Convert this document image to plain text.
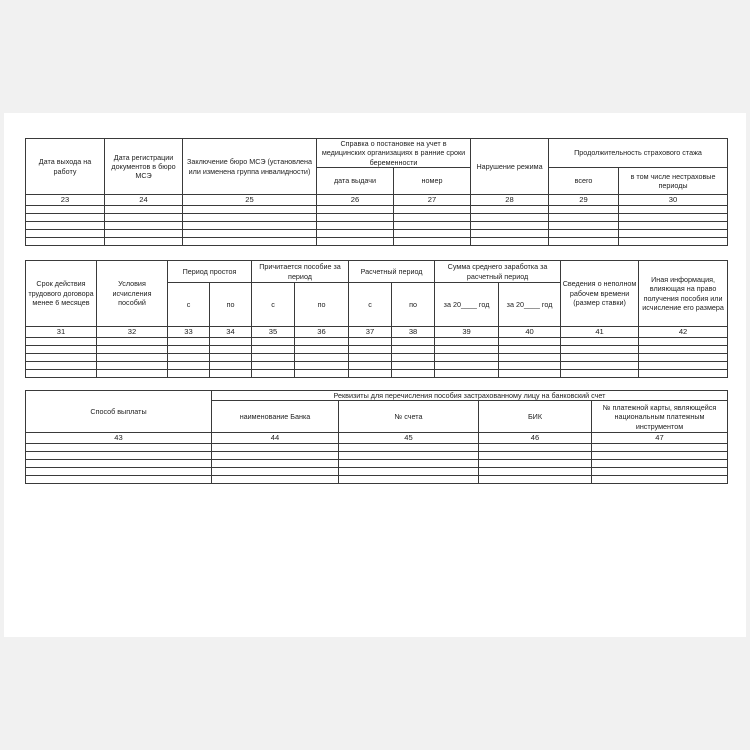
Дата выхода на работу	Дата регистрации документов в бюро МСЭ	Заключение бюро МСЭ (установлена или изменена группа инвалидности)	Справка о постановке на учет в медицинских организациях в ранние сроки беременности		Нарушение режима	Продолжительность страхового стажа	
			дата выдачи	номер		всего	в том числе нестраховые периоды
23	24	25	26	27	28	29	30

Срок действия трудового договора менее 6 месяцев	Условия исчисления пособий	Период простоя		Причитается пособие за период		Расчетный период		Сумма среднего заработка за расчетный период		Сведения о неполном рабочем времени (размер ставки)	Иная информация, влияющая на право получения пособия или исчисление его размера
		с	по	с	по	с	по	за 20____ год	за 20____ год		
31	32	33	34	35	36	37	38	39	40	41	42

Способ выплаты	Реквизиты для перечисления пособия застрахованному лицу на банковский счет			
	наименование Банка	№ счета	БИК	№ платежной карты, являющейся национальным платежным инструментом
43	44	45	46	47
